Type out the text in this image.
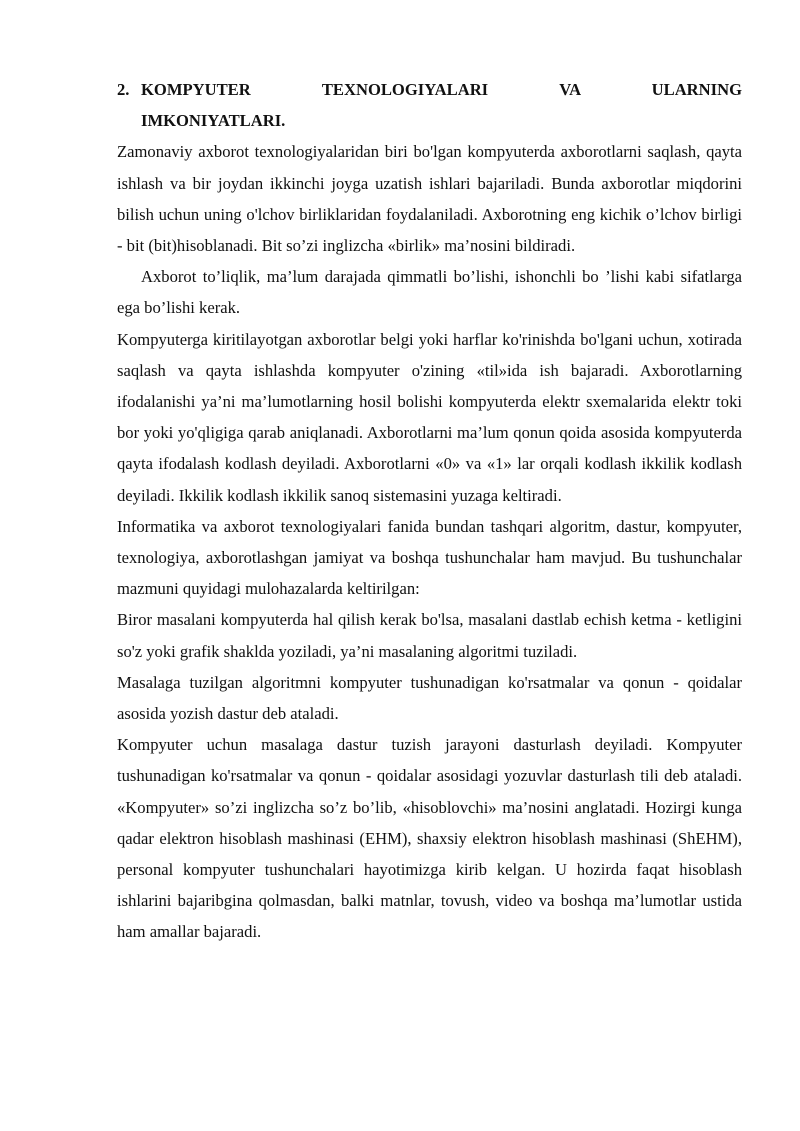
2. KOMPYUTER TEXNOLOGIYALARI VA ULARNING
IMKONIYATLARI.

Zamonaviy axborot texnologiyalaridan biri bo'lgan kompyuterda axborotlarni saqlash, qayta ishlash va bir joydan ikkinchi joyga uzatish ishlari bajariladi. Bunda axborotlar miqdorini bilish uchun uning o'lchov birliklaridan foydalaniladi. Axborotning eng kichik o’lchov birligi - bit (bit)hisoblanadi. Bit so’zi inglizcha «birlik» ma’nosini bildiradi.

Axborot to’liqlik, ma’lum darajada qimmatli bo’lishi, ishonchli bo ’lishi kabi sifatlarga ega bo’lishi kerak.

Kompyuterga kiritilayotgan axborotlar belgi yoki harflar ko'rinishda bo'lgani uchun, xotirada saqlash va qayta ishlashda kompyuter o'zining «til»ida ish bajaradi. Axborotlarning ifodalanishi ya’ni ma’lumotlarning hosil bolishi kompyuterda elektr sxemalarida elektr toki bor yoki yo'qligiga qarab aniqlanadi. Axborotlarni ma’lum qonun qoida asosida kompyuterda qayta ifodalash kodlash deyiladi. Axborotlarni «0» va «1» lar orqali kodlash ikkilik kodlash deyiladi. Ikkilik kodlash ikkilik sanoq sistemasini yuzaga keltiradi.

Informatika va axborot texnologiyalari fanida bundan tashqari algoritm, dastur, kompyuter, texnologiya, axborotlashgan jamiyat va boshqa tushunchalar ham mavjud. Bu tushunchalar mazmuni quyidagi mulohazalarda keltirilgan:

Biror masalani kompyuterda hal qilish kerak bo'lsa, masalani dastlab echish ketma - ketligini so'z yoki grafik shaklda yoziladi, ya’ni masalaning algoritmi tuziladi.

Masalaga tuzilgan algoritmni kompyuter tushunadigan ko'rsatmalar va qonun - qoidalar asosida yozish dastur deb ataladi.

Kompyuter uchun masalaga dastur tuzish jarayoni dasturlash deyiladi. Kompyuter tushunadigan ko'rsatmalar va qonun - qoidalar asosidagi yozuvlar dasturlash tili deb ataladi. «Kompyuter» so’zi inglizcha so’z bo’lib, «hisoblovchi» ma’nosini anglatadi. Hozirgi kunga qadar elektron hisoblash mashinasi (EHM), shaxsiy elektron hisoblash mashinasi (ShEHM), personal kompyuter tushunchalari hayotimizga kirib kelgan. U hozirda faqat hisoblash ishlarini bajaribgina qolmasdan, balki matnlar, tovush, video va boshqa ma’lumotlar ustida ham amallar bajaradi.
